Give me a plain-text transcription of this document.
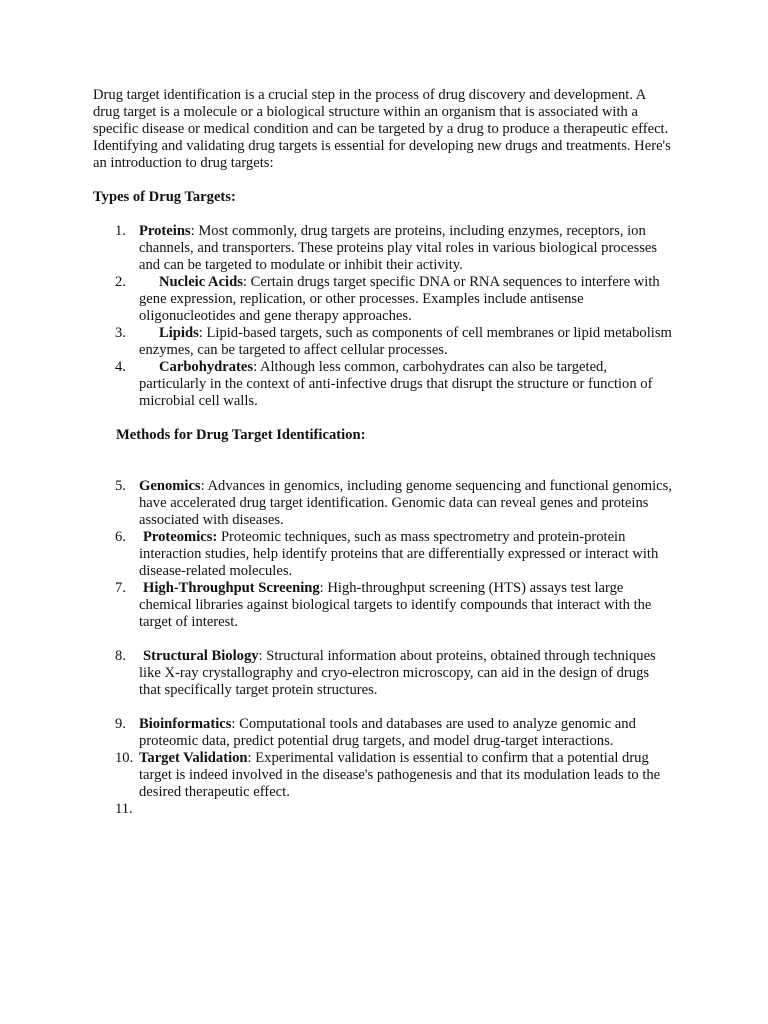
Drug target identification is a crucial step in the process of drug discovery and development. A drug target is a molecule or a biological structure within an organism that is associated with a specific disease or medical condition and can be targeted by a drug to produce a therapeutic effect. Identifying and validating drug targets is essential for developing new drugs and treatments. Here's an introduction to drug targets:

Types of Drug Targets:

1. Proteins: Most commonly, drug targets are proteins, including enzymes, receptors, ion channels, and transporters. These proteins play vital roles in various biological processes and can be targeted to modulate or inhibit their activity.
2. Nucleic Acids: Certain drugs target specific DNA or RNA sequences to interfere with gene expression, replication, or other processes. Examples include antisense oligonucleotides and gene therapy approaches.
3. Lipids: Lipid-based targets, such as components of cell membranes or lipid metabolism enzymes, can be targeted to affect cellular processes.
4. Carbohydrates: Although less common, carbohydrates can also be targeted, particularly in the context of anti-infective drugs that disrupt the structure or function of microbial cell walls.

Methods for Drug Target Identification:

5. Genomics: Advances in genomics, including genome sequencing and functional genomics, have accelerated drug target identification. Genomic data can reveal genes and proteins associated with diseases.
6. Proteomics: Proteomic techniques, such as mass spectrometry and protein-protein interaction studies, help identify proteins that are differentially expressed or interact with disease-related molecules.
7. High-Throughput Screening: High-throughput screening (HTS) assays test large chemical libraries against biological targets to identify compounds that interact with the target of interest.
8. Structural Biology: Structural information about proteins, obtained through techniques like X-ray crystallography and cryo-electron microscopy, can aid in the design of drugs that specifically target protein structures.
9. Bioinformatics: Computational tools and databases are used to analyze genomic and proteomic data, predict potential drug targets, and model drug-target interactions.
10. Target Validation: Experimental validation is essential to confirm that a potential drug target is indeed involved in the disease's pathogenesis and that its modulation leads to the desired therapeutic effect.
11.
